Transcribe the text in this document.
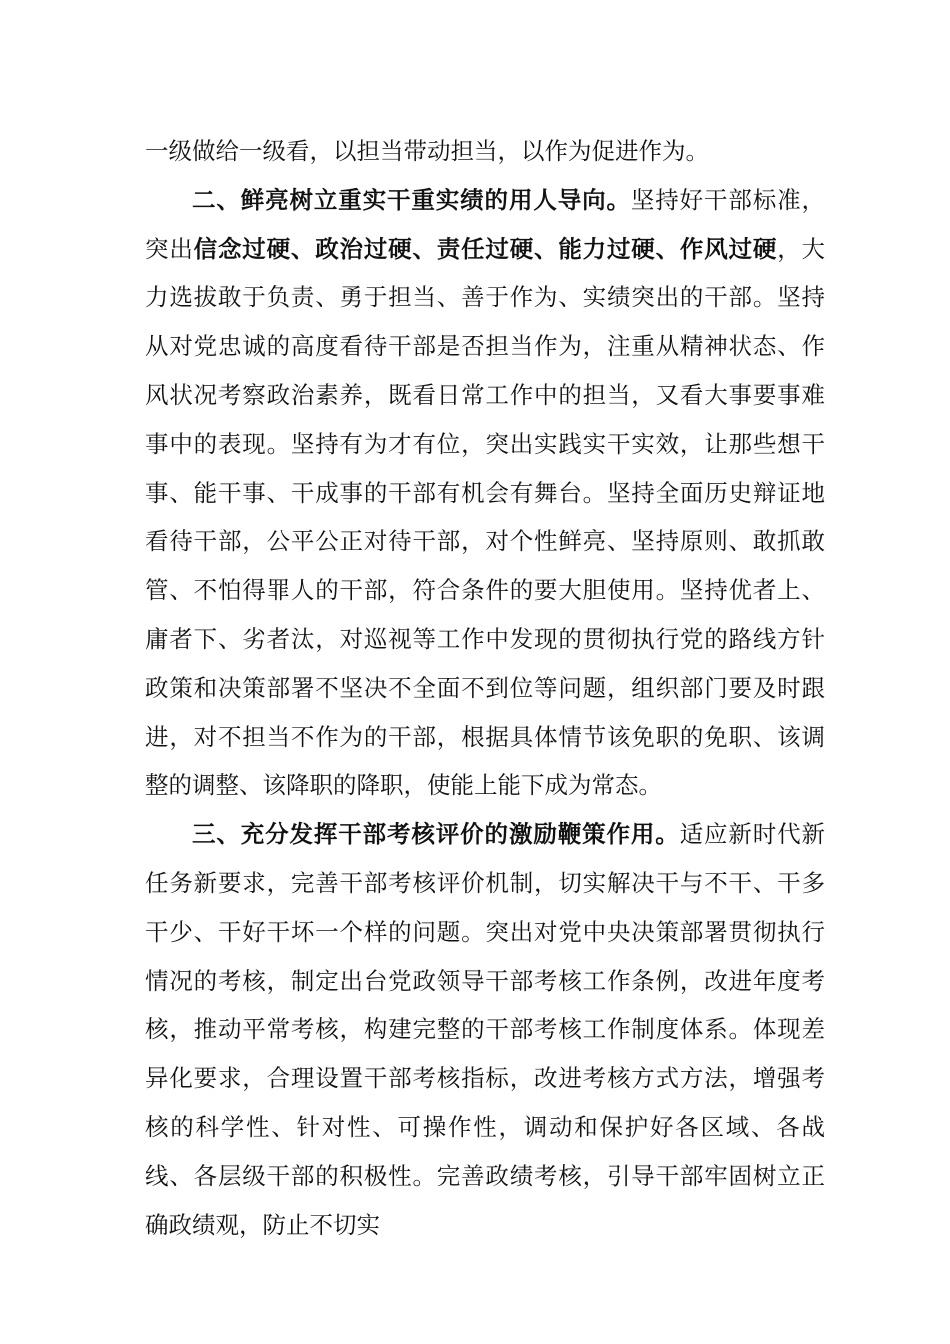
一级做给一级看，以担当带动担当，以作为促进作为。

二、鲜亮树立重实干重实绩的用人导向。坚持好干部标准，突出信念过硬、政治过硬、责任过硬、能力过硬、作风过硬，大力选拔敢于负责、勇于担当、善于作为、实绩突出的干部。坚持从对党忠诚的高度看待干部是否担当作为，注重从精神状态、作风状况考察政治素养，既看日常工作中的担当，又看大事要事难事中的表现。坚持有为才有位，突出实践实干实效，让那些想干事、能干事、干成事的干部有机会有舞台。坚持全面历史辩证地看待干部，公平公正对待干部，对个性鲜亮、坚持原则、敢抓敢管、不怕得罪人的干部，符合条件的要大胆使用。坚持优者上、庸者下、劣者汰，对巡视等工作中发现的贯彻执行党的路线方针政策和决策部署不坚决不全面不到位等问题，组织部门要及时跟进，对不担当不作为的干部，根据具体情节该免职的免职、该调整的调整、该降职的降职，使能上能下成为常态。

三、充分发挥干部考核评价的激励鞭策作用。适应新时代新任务新要求，完善干部考核评价机制，切实解决干与不干、干多干少、干好干坏一个样的问题。突出对党中央决策部署贯彻执行情况的考核，制定出台党政领导干部考核工作条例，改进年度考核，推动平常考核，构建完整的干部考核工作制度体系。体现差异化要求，合理设置干部考核指标，改进考核方式方法，增强考核的科学性、针对性、可操作性，调动和保护好各区域、各战线、各层级干部的积极性。完善政绩考核，引导干部牢固树立正确政绩观，防止不切实
